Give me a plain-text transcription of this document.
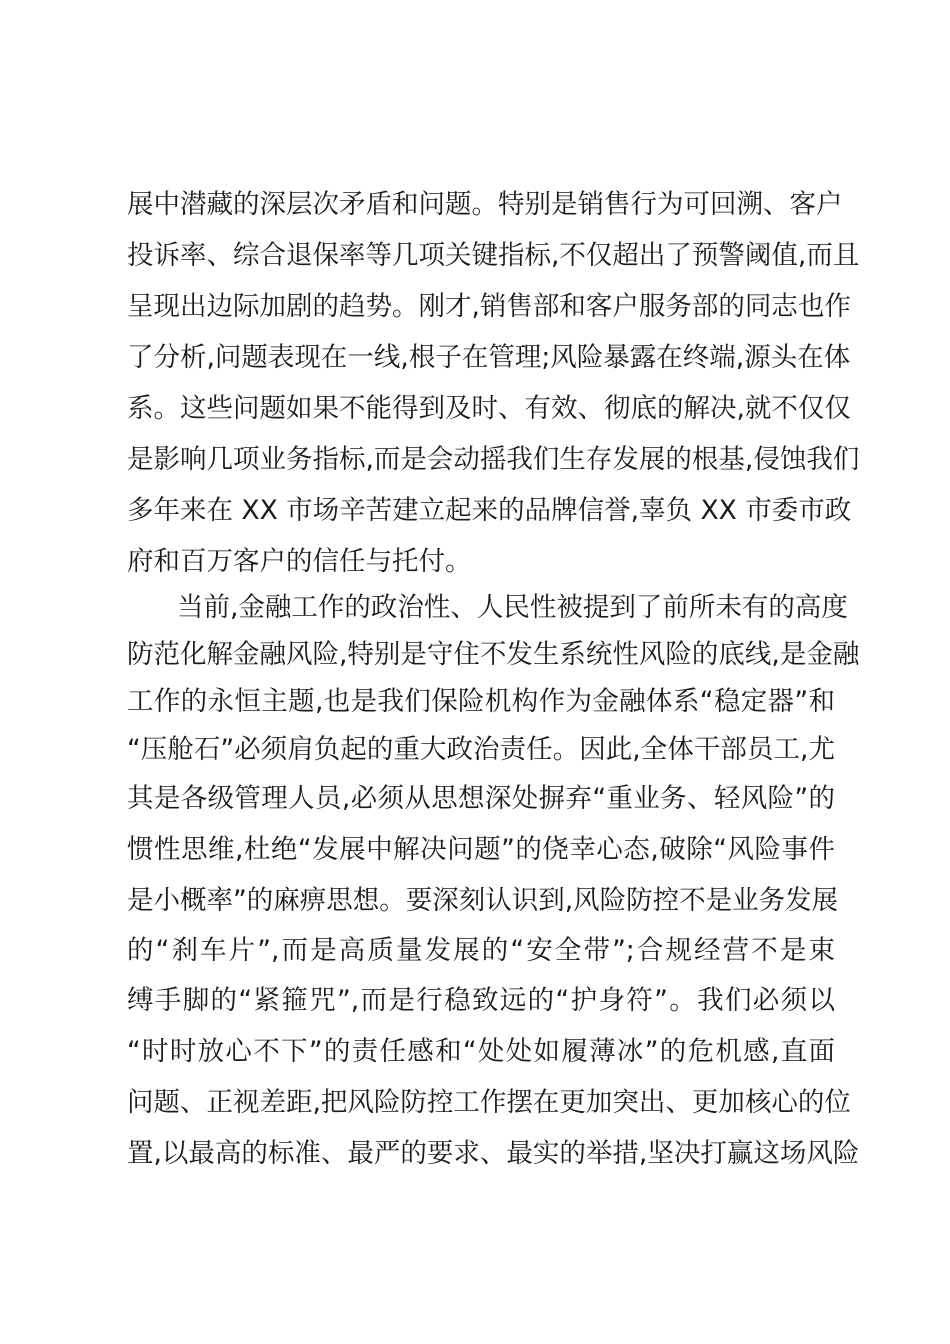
展中潜藏的深层次矛盾和问题。特别是销售行为可回溯、客户
投诉率、综合退保率等几项关键指标,不仅超出了预警阈值,而且
呈现出边际加剧的趋势。刚才,销售部和客户服务部的同志也作
了分析,问题表现在一线,根子在管理;风险暴露在终端,源头在体
系。这些问题如果不能得到及时、有效、彻底的解决,就不仅仅
是影响几项业务指标,而是会动摇我们生存发展的根基,侵蚀我们
多年来在 XX 市场辛苦建立起来的品牌信誉,辜负 XX 市委市政
府和百万客户的信任与托付。
当前,金融工作的政治性、人民性被提到了前所未有的高度
防范化解金融风险,特别是守住不发生系统性风险的底线,是金融
工作的永恒主题,也是我们保险机构作为金融体系“稳定器”和
“压舱石”必须肩负起的重大政治责任。因此,全体干部员工,尤
其是各级管理人员,必须从思想深处摒弃“重业务、轻风险”的
惯性思维,杜绝“发展中解决问题”的侥幸心态,破除“风险事件
是小概率”的麻痹思想。要深刻认识到,风险防控不是业务发展
的“刹车片”,而是高质量发展的“安全带”;合规经营不是束
缚手脚的“紧箍咒”,而是行稳致远的“护身符”。我们必须以
“时时放心不下”的责任感和“处处如履薄冰”的危机感,直面
问题、正视差距,把风险防控工作摆在更加突出、更加核心的位
置,以最高的标准、最严的要求、最实的举措,坚决打赢这场风险
